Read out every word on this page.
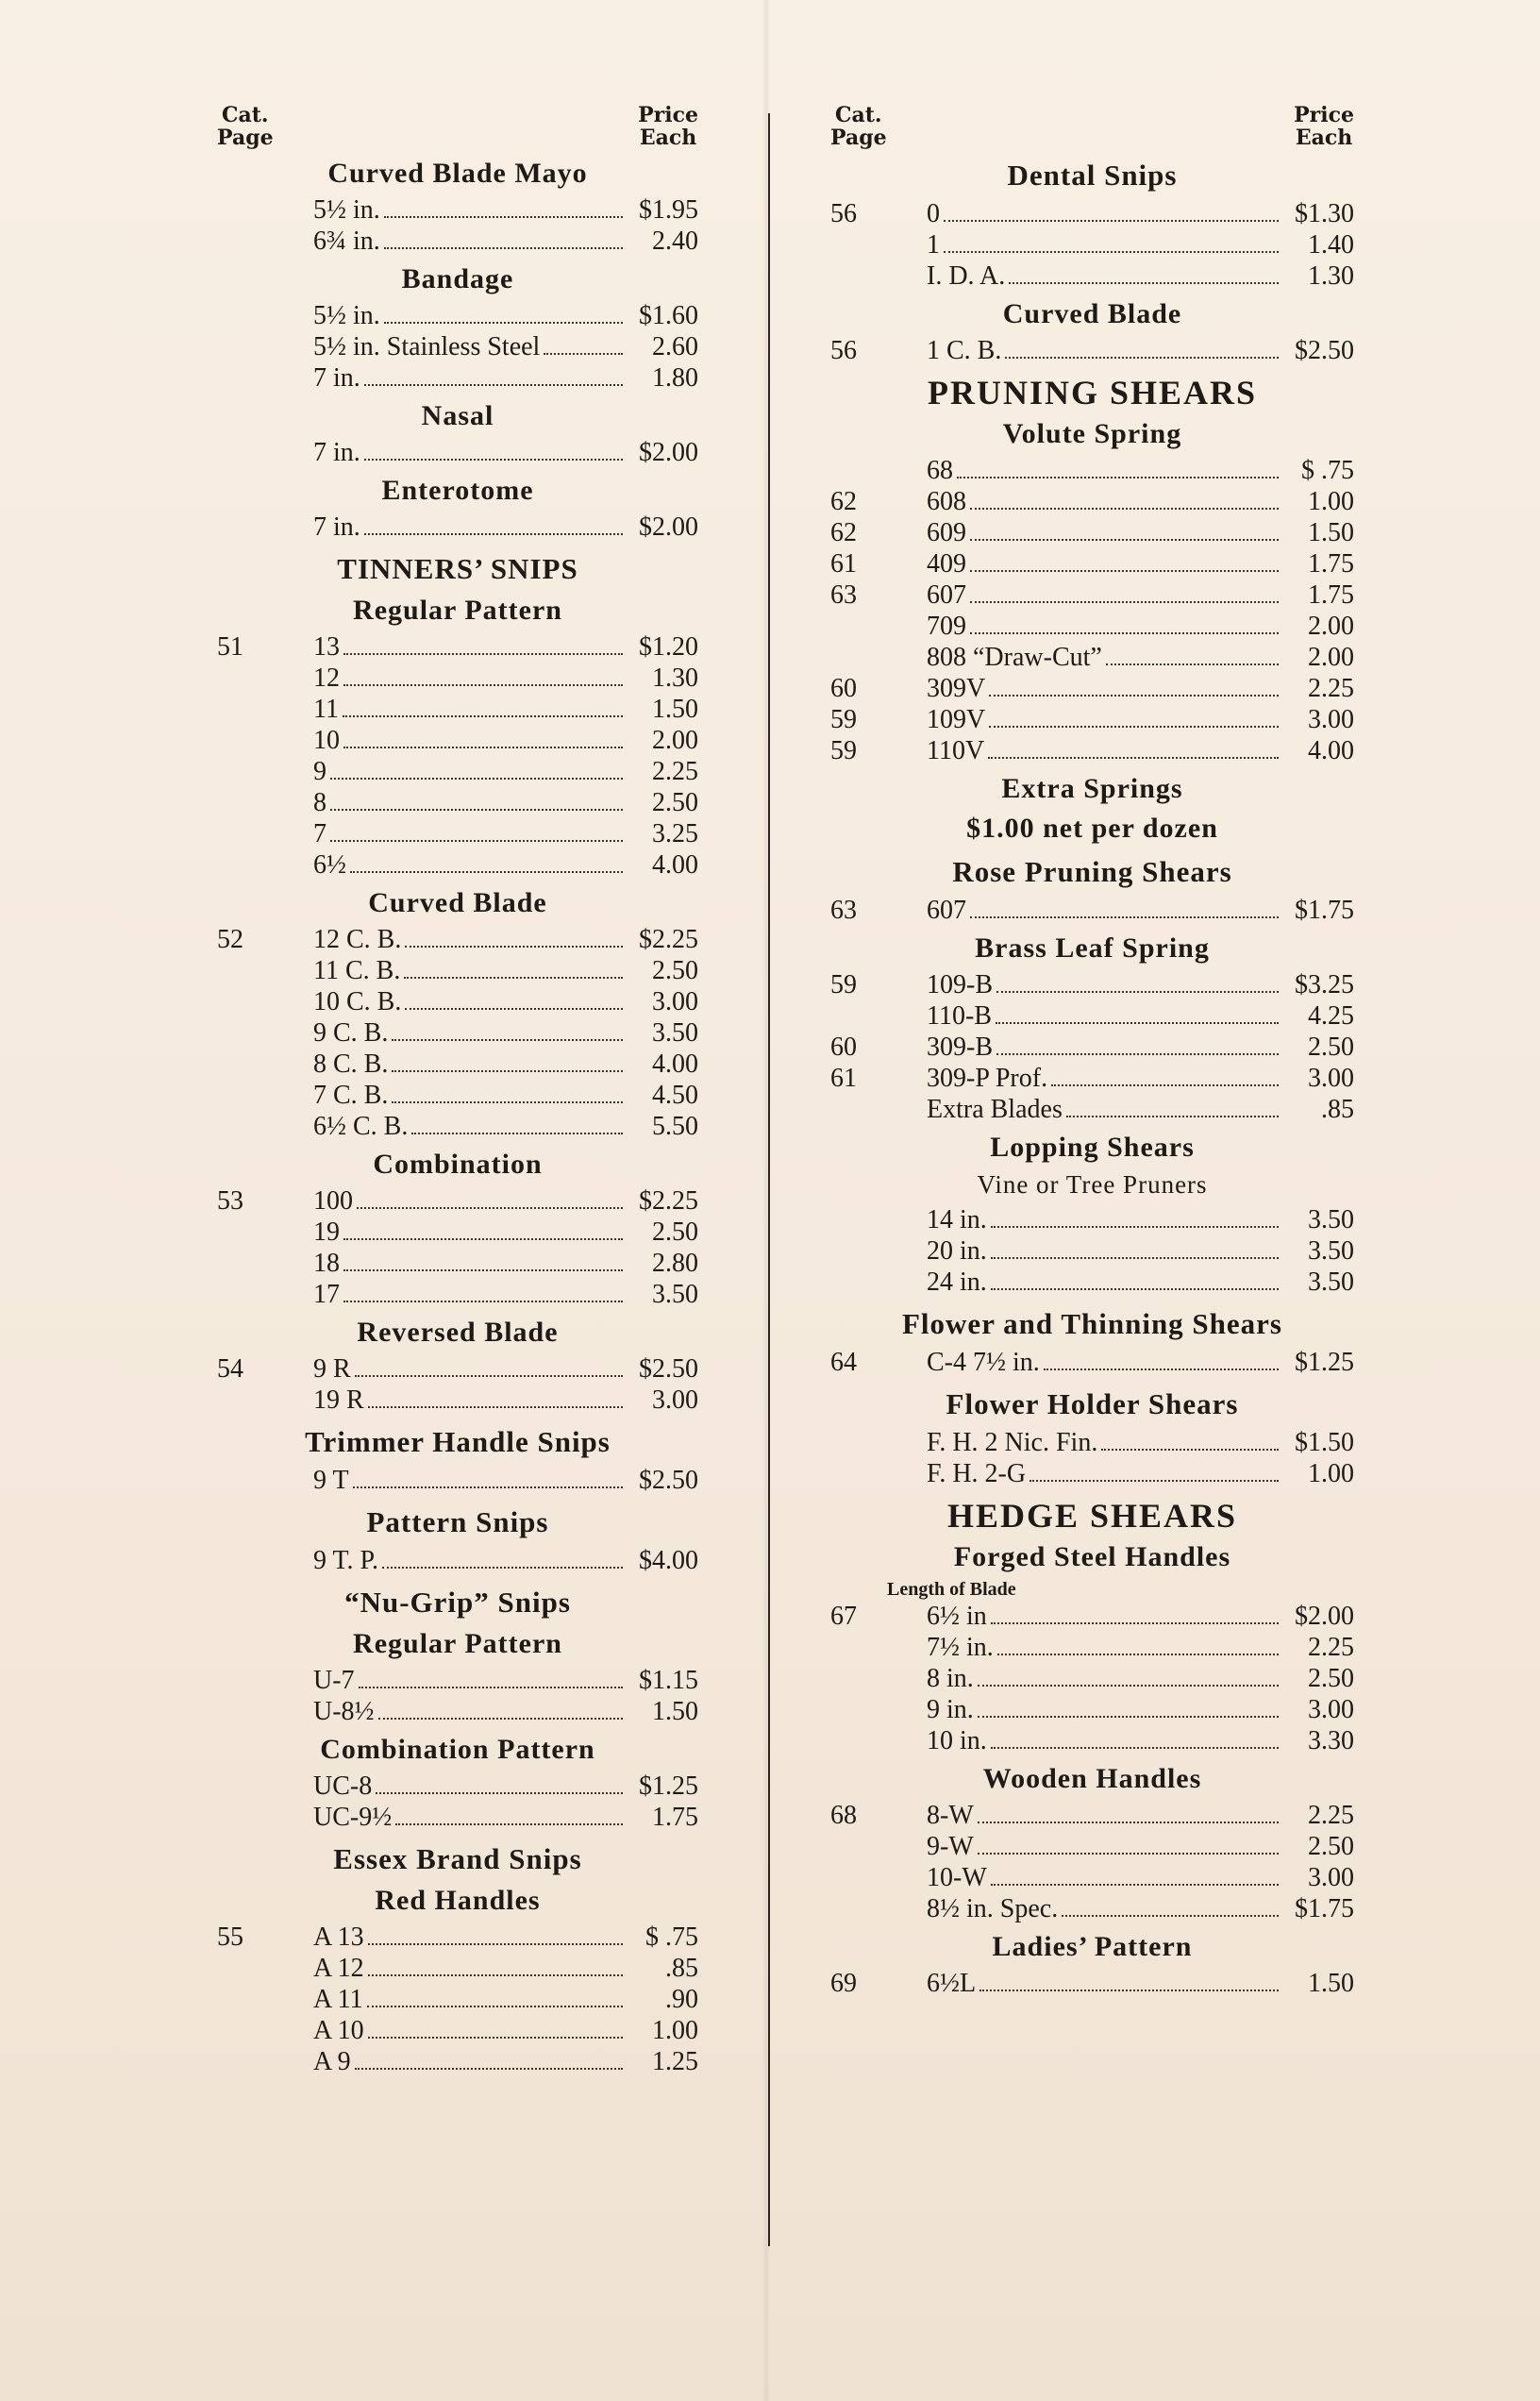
Cat.
Page
Price
Each
Curved Blade Mayo
5½ in.	$1.95
6¾ in.	2.40
Bandage
5½ in.	$1.60
5½ in. Stainless Steel	2.60
7 in.	1.80
Nasal
7 in.	$2.00
Enterotome
7 in.	$2.00
TINNERS’ SNIPS
Regular Pattern
51	13	$1.20
12	1.30
11	1.50
10	2.00
9	2.25
8	2.50
7	3.25
6½	4.00
Curved Blade
52	12 C. B.	$2.25
11 C. B.	2.50
10 C. B.	3.00
9 C. B.	3.50
8 C. B.	4.00
7 C. B.	4.50
6½ C. B.	5.50
Combination
53	100	$2.25
19	2.50
18	2.80
17	3.50
Reversed Blade
54	9 R	$2.50
19 R	3.00
Trimmer Handle Snips
9 T	$2.50
Pattern Snips
9 T. P.	$4.00
“Nu-Grip” Snips
Regular Pattern
U-7	$1.15
U-8½	1.50
Combination Pattern
UC-8	$1.25
UC-9½	1.75
Essex Brand Snips
Red Handles
55	A 13	$ .75
A 12	.85
A 11	.90
A 10	1.00
A 9	1.25
Cat.
Page
Price
Each
Dental Snips
56	0	$1.30
1	1.40
I. D. A.	1.30
Curved Blade
56	1 C. B.	$2.50
PRUNING SHEARS
Volute Spring
68	$ .75
62	608	1.00
62	609	1.50
61	409	1.75
63	607	1.75
709	2.00
808 “Draw-Cut”	2.00
60	309V	2.25
59	109V	3.00
59	110V	4.00
Extra Springs
$1.00 net per dozen
Rose Pruning Shears
63	607	$1.75
Brass Leaf Spring
59	109-B	$3.25
110-B	4.25
60	309-B	2.50
61	309-P Prof.	3.00
Extra Blades	.85
Lopping Shears
Vine or Tree Pruners
14 in.	3.50
20 in.	3.50
24 in.	3.50
Flower and Thinning Shears
64	C-4 7½ in.	$1.25
Flower Holder Shears
F. H. 2 Nic. Fin.	$1.50
F. H. 2-G	1.00
HEDGE SHEARS
Forged Steel Handles
Length of Blade
67	6½ in	$2.00
7½ in.	2.25
8 in.	2.50
9 in.	3.00
10 in.	3.30
Wooden Handles
68	8-W	2.25
9-W	2.50
10-W	3.00
8½ in. Spec.	$1.75
Ladies’ Pattern
69	6½L	1.50
